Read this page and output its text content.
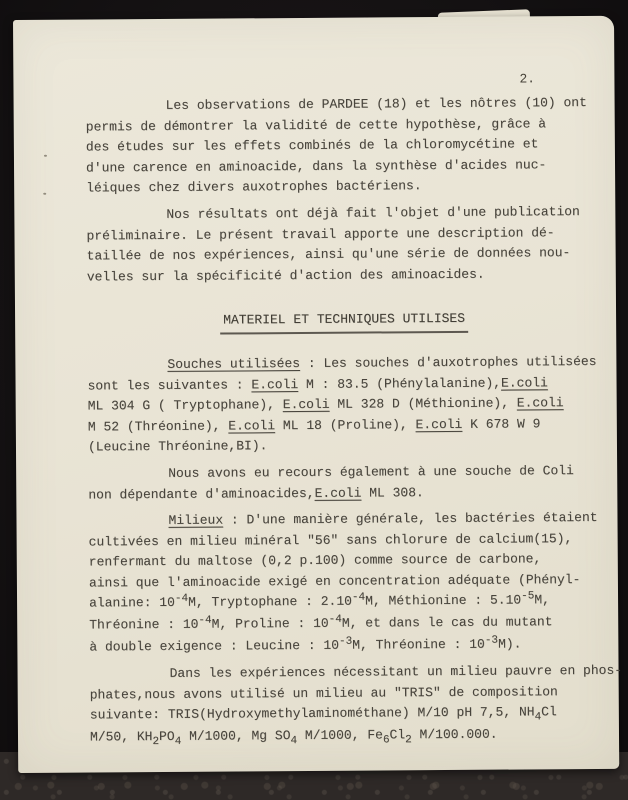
2.
Les observations de PARDEE (18) et les nôtres (10) ont
permis de démontrer la validité de cette hypothèse, grâce à
des études sur les effets combinés de la chloromycétine et
d'une carence en aminoacide, dans la synthèse d'acides nuc-
léiques chez divers auxotrophes bactériens.
Nos résultats ont déjà fait l'objet d'une publication
préliminaire. Le présent travail apporte une description dé-
taillée de nos expériences, ainsi qu'une série de données nou-
velles sur la spécificité d'action des aminoacides.
MATERIEL ET TECHNIQUES UTILISES
Souches utilisées : Les souches d'auxotrophes utilisées
sont les suivantes : E.coli M : 83.5 (Phénylalanine),E.coli
ML 304 G ( Tryptophane), E.coli ML 328 D (Méthionine), E.coli
M 52 (Thréonine), E.coli ML 18 (Proline), E.coli K 678 W 9
(Leucine Thréonine,BI).
Nous avons eu recours également à une souche de Coli
non dépendante d'aminoacides,E.coli ML 308.
Milieux : D'une manière générale, les bactéries étaient
cultivées en milieu minéral "56" sans chlorure de calcium(15),
renfermant du maltose (0,2 p.100) comme source de carbone,
ainsi que l'aminoacide exigé en concentration adéquate (Phényl-
alanine: $10^{-4}M$, Tryptophane : $2.10^{-4}M$, Méthionine : $5.10^{-5}M$,
Thréonine : $10^{-4}M$, Proline : $10^{-4}M$, et dans le cas du mutant
à double exigence : Leucine : $10^{-3}M$, Thréonine : $10^{-3}M$).
Dans les expériences nécessitant un milieu pauvre en phos-
phates,nous avons utilisé un milieu au "TRIS" de composition
suivante: TRIS(Hydroxymethylaminométhane) M/10 pH 7,5, $NH_4Cl$
M/50, $KH_2PO_4$ M/1000, Mg $SO_4$ M/1000, $Fe_6Cl_2$ M/100.000.
